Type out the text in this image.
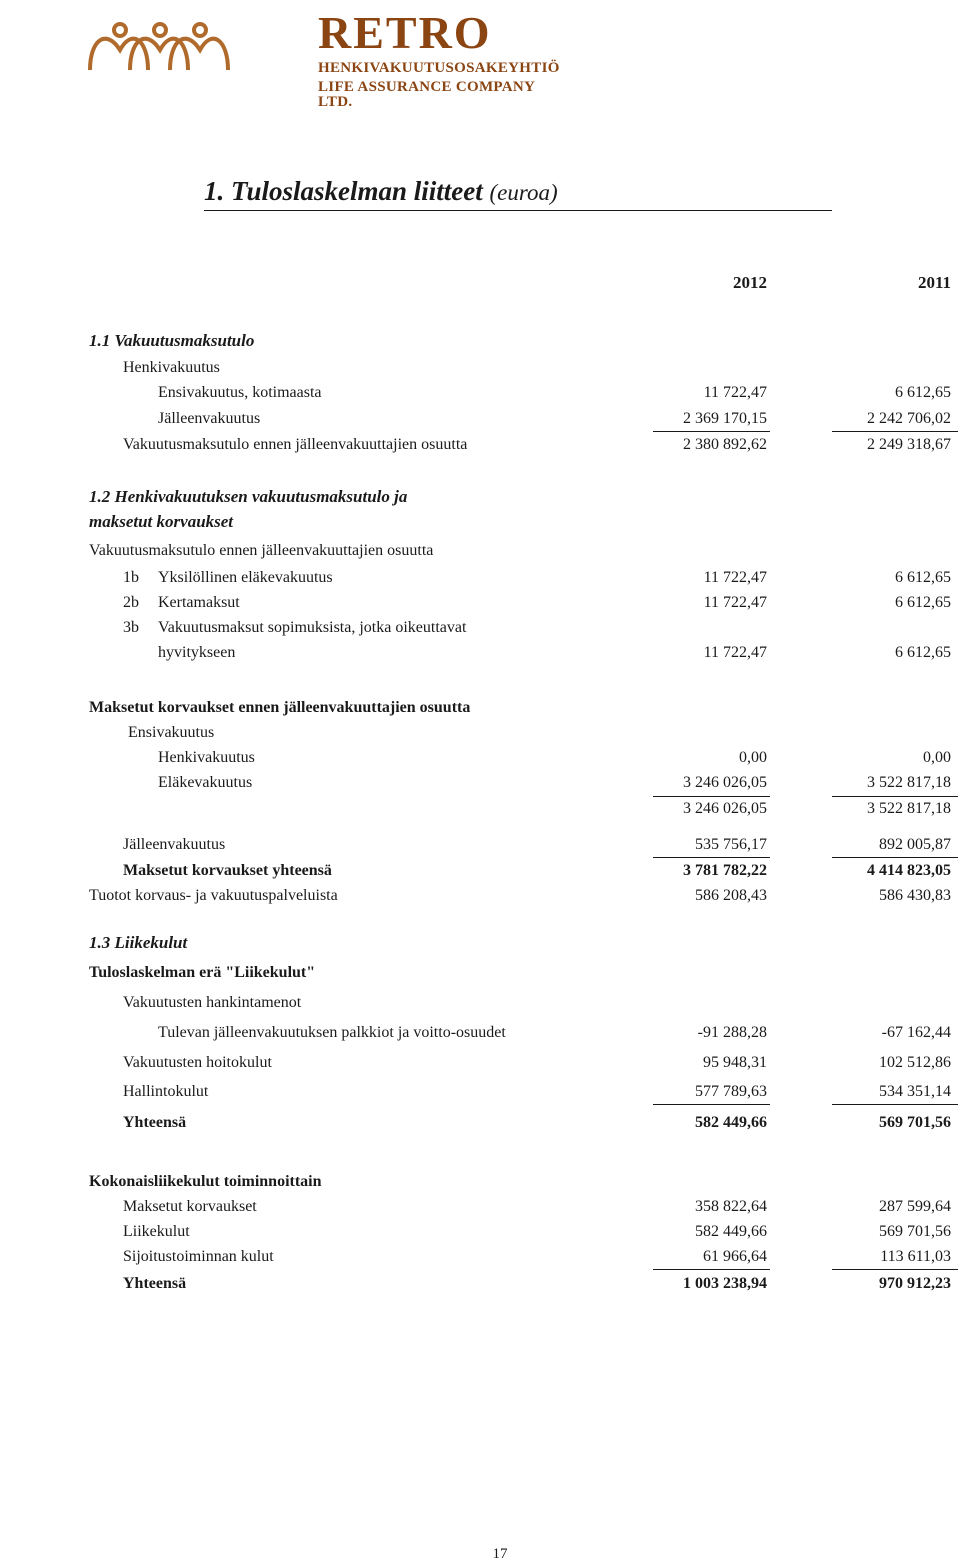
RETRO
HENKIVAKUUTUSOSAKEYHTIÖ
LIFE ASSURANCE COMPANY LTD.
1. Tuloslaskelman liitteet (euroa)
2012	2011
1.1 Vakuutusmaksutulo
Henkivakuutus
Ensivakuutus, kotimaasta	11 722,47	6 612,65
Jälleenvakuutus	2 369 170,15	2 242 706,02
Vakuutusmaksutulo ennen jälleenvakuuttajien osuutta	2 380 892,62	2 249 318,67
1.2 Henkivakuutuksen vakuutusmaksutulo ja
maksetut korvaukset
Vakuutusmaksutulo ennen jälleenvakuuttajien osuutta
1b Yksilöllinen eläkevakuutus	11 722,47	6 612,65
2b Kertamaksut	11 722,47	6 612,65
3b Vakuutusmaksut sopimuksista, jotka oikeuttavat
hyvitykseen	11 722,47	6 612,65
Maksetut korvaukset ennen jälleenvakuuttajien osuutta
Ensivakuutus
Henkivakuutus	0,00	0,00
Eläkevakuutus	3 246 026,05	3 522 817,18
3 246 026,05	3 522 817,18
Jälleenvakuutus	535 756,17	892 005,87
Maksetut korvaukset yhteensä	3 781 782,22	4 414 823,05
Tuotot korvaus- ja vakuutuspalveluista	586 208,43	586 430,83
1.3 Liikekulut
Tuloslaskelman erä "Liikekulut"
Vakuutusten hankintamenot
Tulevan jälleenvakuutuksen palkkiot ja voitto-osuudet	-91 288,28	-67 162,44
Vakuutusten hoitokulut	95 948,31	102 512,86
Hallintokulut	577 789,63	534 351,14
Yhteensä	582 449,66	569 701,56
Kokonaisliikekulut toiminnoittain
Maksetut korvaukset	358 822,64	287 599,64
Liikekulut	582 449,66	569 701,56
Sijoitustoiminnan kulut	61 966,64	113 611,03
Yhteensä	1 003 238,94	970 912,23
17
